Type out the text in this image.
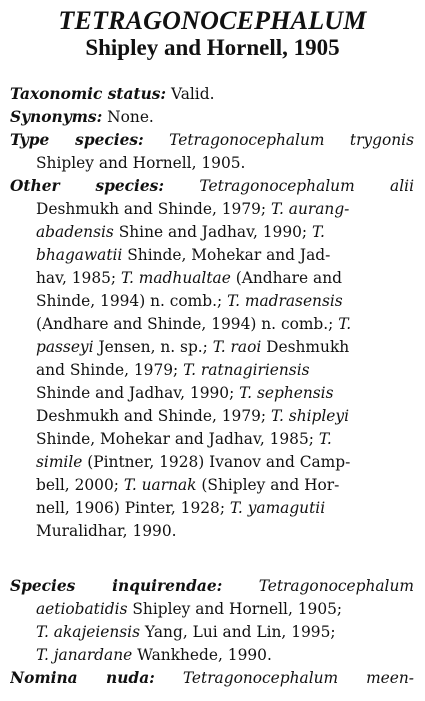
TETRAGONOCEPHALUM
Shipley and Hornell, 1905
Taxonomic status: Valid.
Synonyms: None.
Type species: Tetragonocephalum trygonis
Shipley and Hornell, 1905.
Other species: Tetragonocephalum alii
Deshmukh and Shinde, 1979; T. aurang-
abadensis Shine and Jadhav, 1990; T.
bhagawatii Shinde, Mohekar and Jad-
hav, 1985; T. madhualtae (Andhare and
Shinde, 1994) n. comb.; T. madrasensis
(Andhare and Shinde, 1994) n. comb.; T.
passeyi Jensen, n. sp.; T. raoi Deshmukh
and Shinde, 1979; T. ratnagiriensis
Shinde and Jadhav, 1990; T. sephensis
Deshmukh and Shinde, 1979; T. shipleyi
Shinde, Mohekar and Jadhav, 1985; T.
simile (Pintner, 1928) Ivanov and Camp-
bell, 2000; T. uarnak (Shipley and Hor-
nell, 1906) Pinter, 1928; T. yamagutii
Muralidhar, 1990.
Species inquirendae: Tetragonocephalum
aetiobatidis Shipley and Hornell, 1905;
T. akajeiensis Yang, Lui and Lin, 1995;
T. janardane Wankhede, 1990.
Nomina nuda: Tetragonocephalum meen-
